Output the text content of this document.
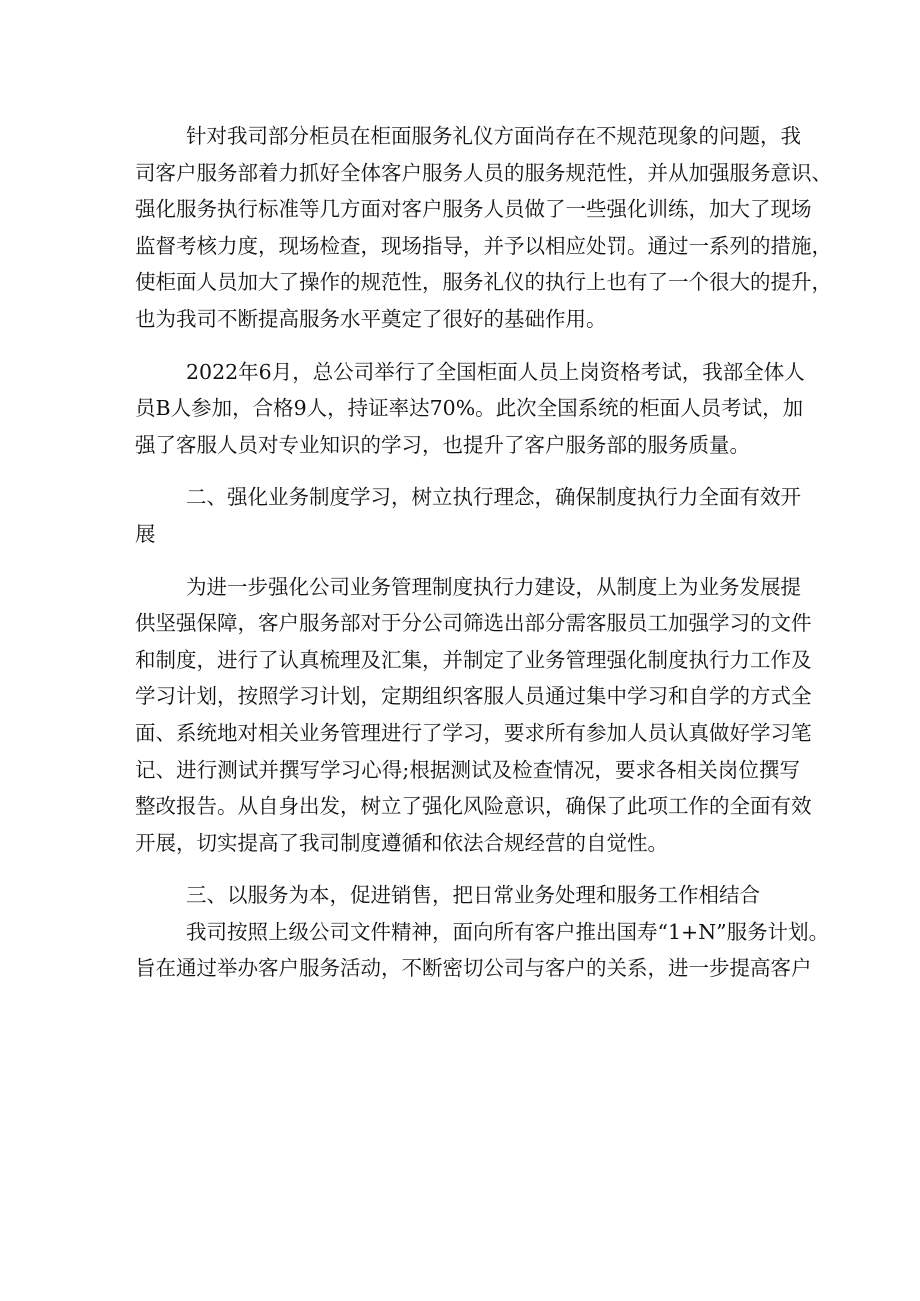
针对我司部分柜员在柜面服务礼仪方面尚存在不规范现象的问题，我
司客户服务部着力抓好全体客户服务人员的服务规范性，并从加强服务意识、
强化服务执行标准等几方面对客户服务人员做了一些强化训练，加大了现场
监督考核力度，现场检查，现场指导，并予以相应处罚。通过一系列的措施，
使柜面人员加大了操作的规范性，服务礼仪的执行上也有了一个很大的提升，
也为我司不断提高服务水平奠定了很好的基础作用。
2022年6月，总公司举行了全国柜面人员上岗资格考试，我部全体人
员B人参加，合格9人，持证率达70%。此次全国系统的柜面人员考试，加
强了客服人员对专业知识的学习，也提升了客户服务部的服务质量。
二、强化业务制度学习，树立执行理念，确保制度执行力全面有效开
展
为进一步强化公司业务管理制度执行力建设，从制度上为业务发展提
供坚强保障，客户服务部对于分公司筛选出部分需客服员工加强学习的文件
和制度，进行了认真梳理及汇集，并制定了业务管理强化制度执行力工作及
学习计划，按照学习计划，定期组织客服人员通过集中学习和自学的方式全
面、系统地对相关业务管理进行了学习，要求所有参加人员认真做好学习笔
记、进行测试并撰写学习心得;根据测试及检查情况，要求各相关岗位撰写
整改报告。从自身出发，树立了强化风险意识，确保了此项工作的全面有效
开展，切实提高了我司制度遵循和依法合规经营的自觉性。
三、以服务为本，促进销售，把日常业务处理和服务工作相结合
我司按照上级公司文件精神，面向所有客户推出国寿“1+N”服务计划。
旨在通过举办客户服务活动，不断密切公司与客户的关系，进一步提高客户
